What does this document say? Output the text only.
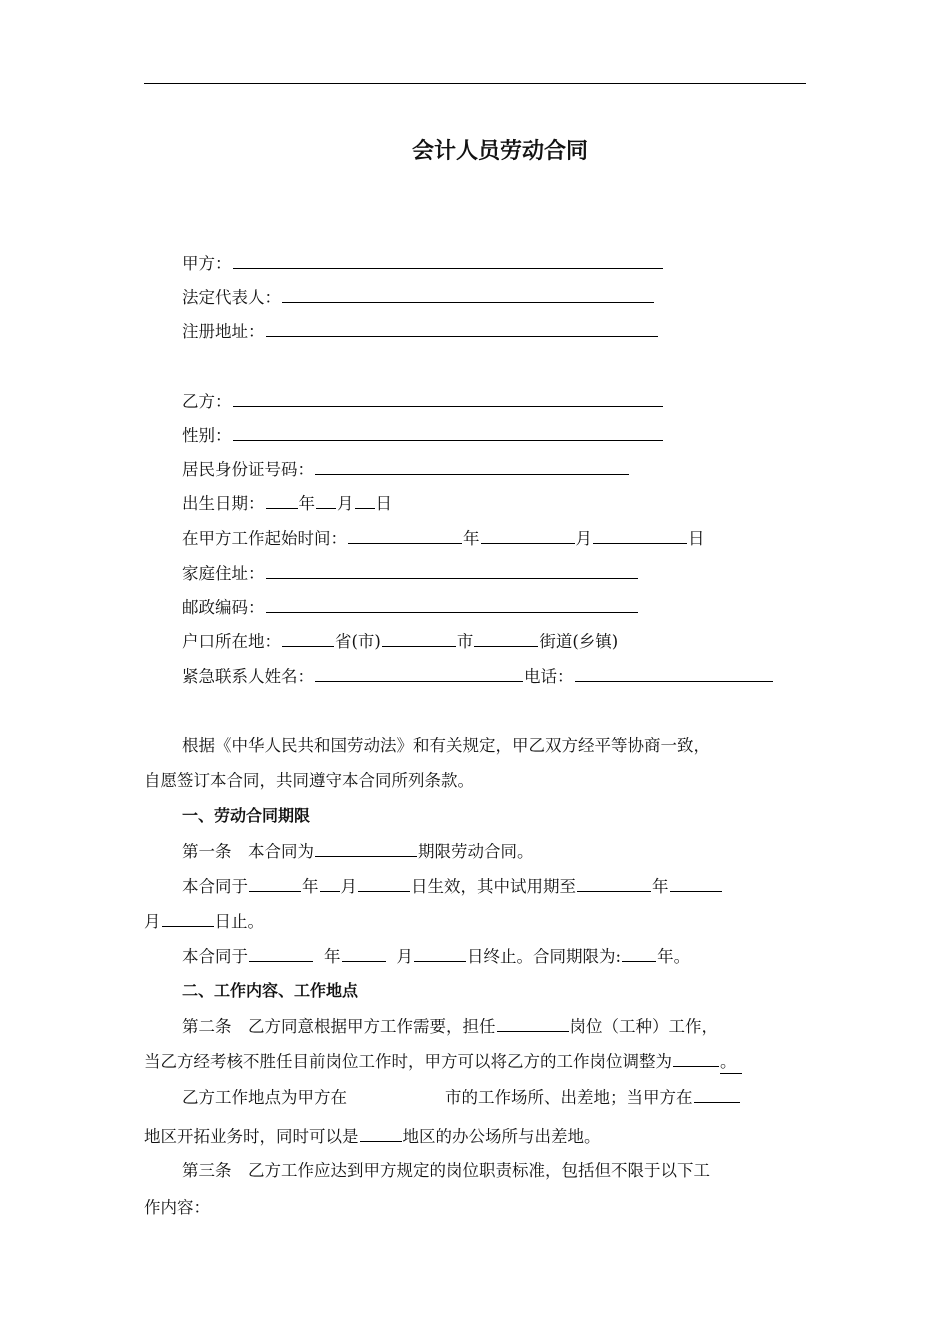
会计人员劳动合同
甲方：
法定代表人：
注册地址：
乙方：
性别：
居民身份证号码：
出生日期： 年 月 日
在甲方工作起始时间：	年	月	日
家庭住址：
邮政编码：
户口所在地：	省(市)	市	街道(乡镇)
紧急联系人姓名：	电话：
根据《中华人民共和国劳动法》和有关规定，甲乙双方经平等协商一致，
自愿签订本合同，共同遵守本合同所列条款。
一、劳动合同期限
第一条　本合同为	期限劳动合同。
本合同于	年 月	日生效，其中试用期至	年
月	日止。
本合同于	年	月	日终止。合同期限为: 年。
二、工作内容、工作地点
第二条　乙方同意根据甲方工作需要，担任	岗位（工种）工作，
当乙方经考核不胜任目前岗位工作时，甲方可以将乙方的工作岗位调整为	。
乙方工作地点为甲方在	市的工作场所、出差地；当甲方在
地区开拓业务时，同时可以是	地区的办公场所与出差地。
第三条　乙方工作应达到甲方规定的岗位职责标准，包括但不限于以下工
作内容：
